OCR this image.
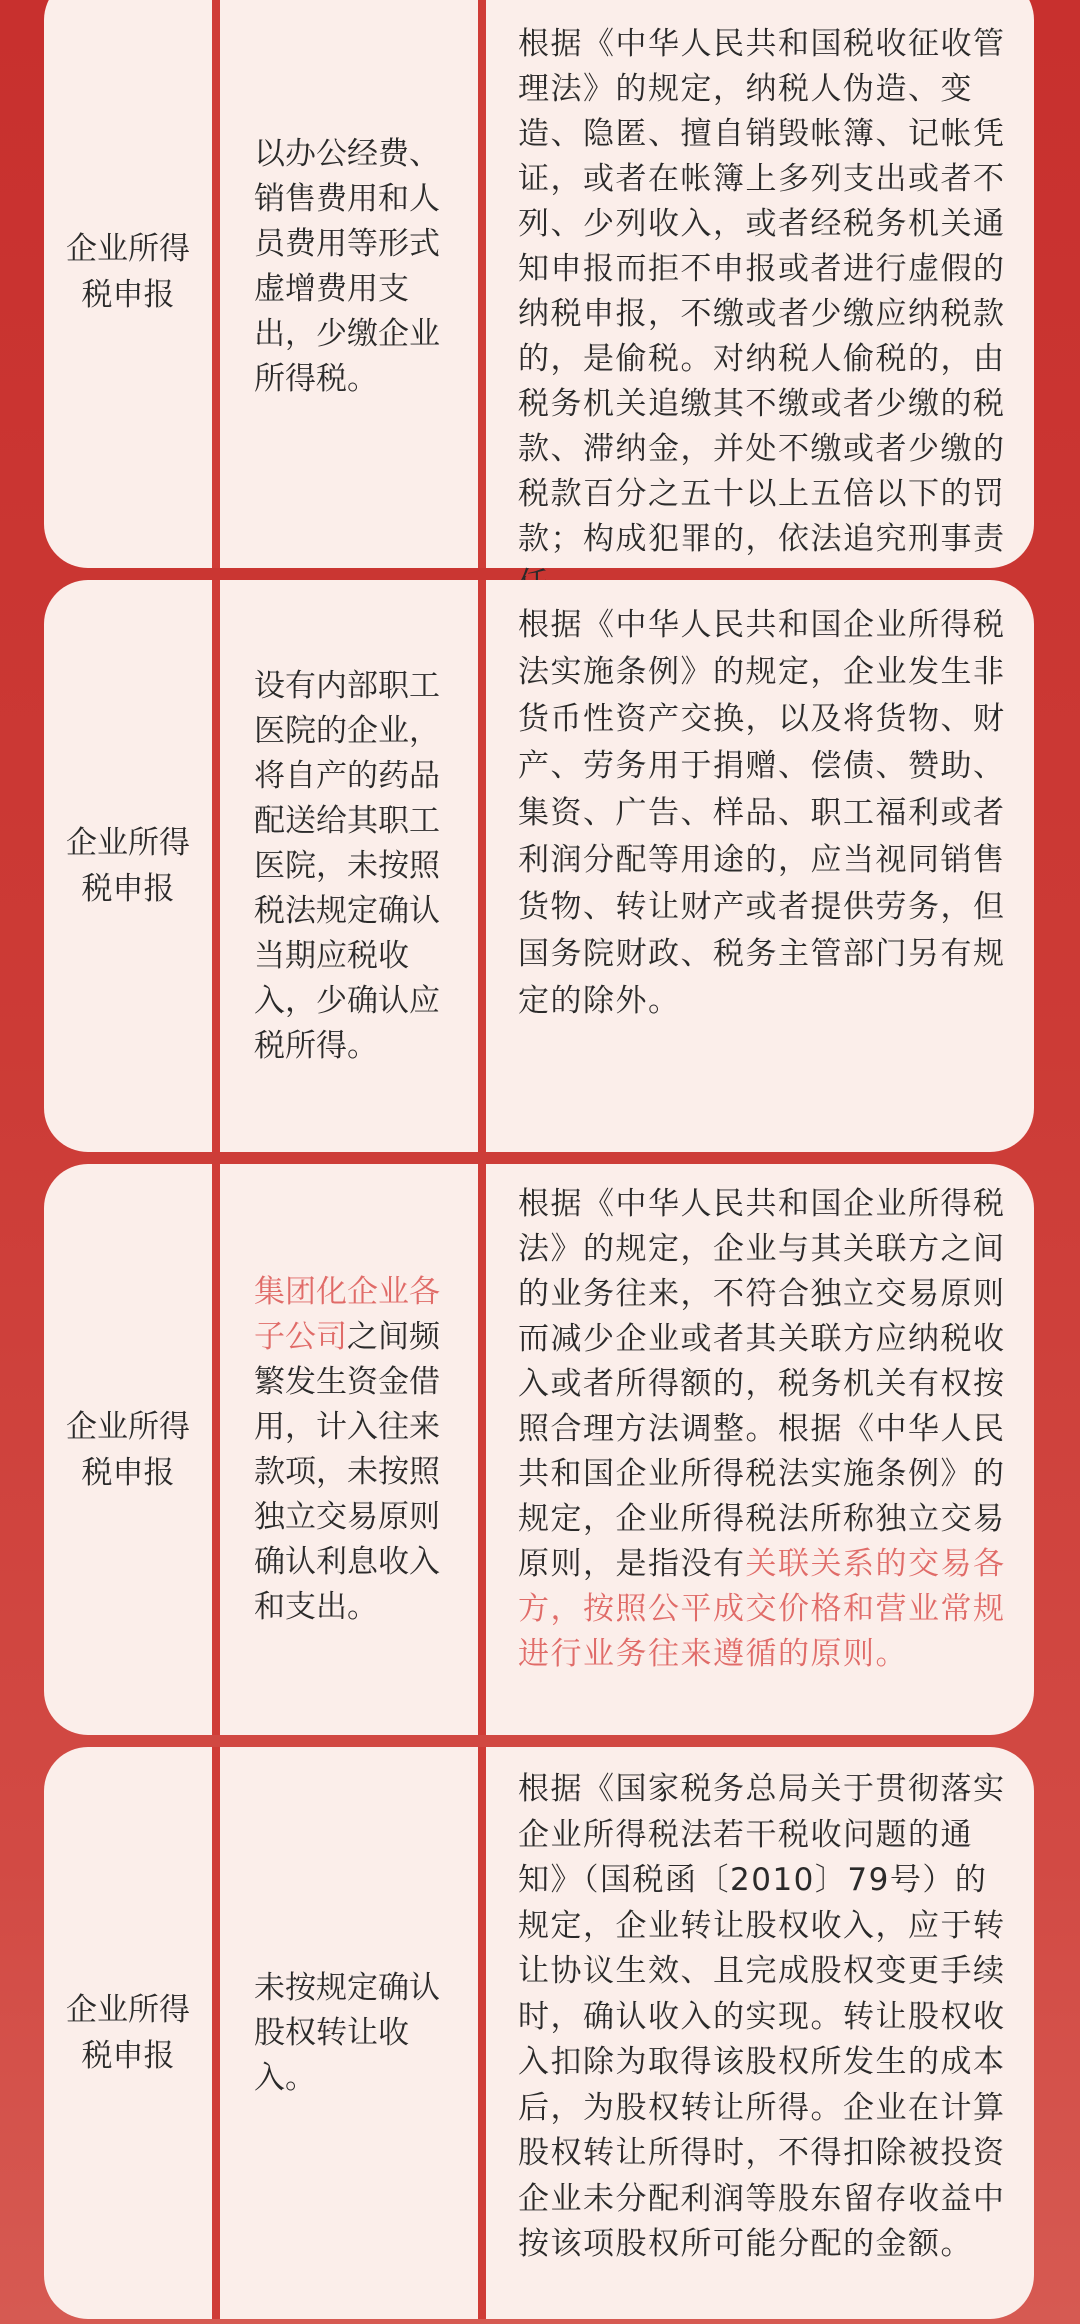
企业所得税申报
以办公经费、销售费用和人员费用等形式虚增费用支出，少缴企业所得税。
根据《中华人民共和国税收征收管理法》的规定，纳税人伪造、变造、隐匿、擅自销毁帐簿、记帐凭证，或者在帐簿上多列支出或者不列、少列收入，或者经税务机关通知申报而拒不申报或者进行虚假的纳税申报，不缴或者少缴应纳税款的，是偷税。对纳税人偷税的，由税务机关追缴其不缴或者少缴的税款、滞纳金，并处不缴或者少缴的税款百分之五十以上五倍以下的罚款；构成犯罪的，依法追究刑事责
企业所得税申报
设有内部职工医院的企业，将自产的药品配送给其职工医院，未按照税法规定确认当期应税收入，少确认应税所得。
根据《中华人民共和国企业所得税法实施条例》的规定，企业发生非货币性资产交换，以及将货物、财产、劳务用于捐赠、偿债、赞助、集资、广告、样品、职工福利或者利润分配等用途的，应当视同销售货物、转让财产或者提供劳务，但国务院财政、税务主管部门另有规定的除外。
企业所得税申报
集团化企业各子公司之间频繁发生资金借用，计入往来款项，未按照独立交易原则确认利息收入和支出。
根据《中华人民共和国企业所得税法》的规定，企业与其关联方之间的业务往来，不符合独立交易原则而减少企业或者其关联方应纳税收入或者所得额的，税务机关有权按照合理方法调整。根据《中华人民共和国企业所得税法实施条例》的规定，企业所得税法所称独立交易原则，是指没有关联关系的交易各方，按照公平成交价格和营业常规进行业务往来遵循的原则。
企业所得税申报
未按规定确认股权转让收入。
根据《国家税务总局关于贯彻落实企业所得税法若干税收问题的通知》（国税函〔2010〕79号）的规定，企业转让股权收入，应于转让协议生效、且完成股权变更手续时，确认收入的实现。转让股权收入扣除为取得该股权所发生的成本后，为股权转让所得。企业在计算股权转让所得时，不得扣除被投资企业未分配利润等股东留存收益中按该项股权所可能分配的金额。
